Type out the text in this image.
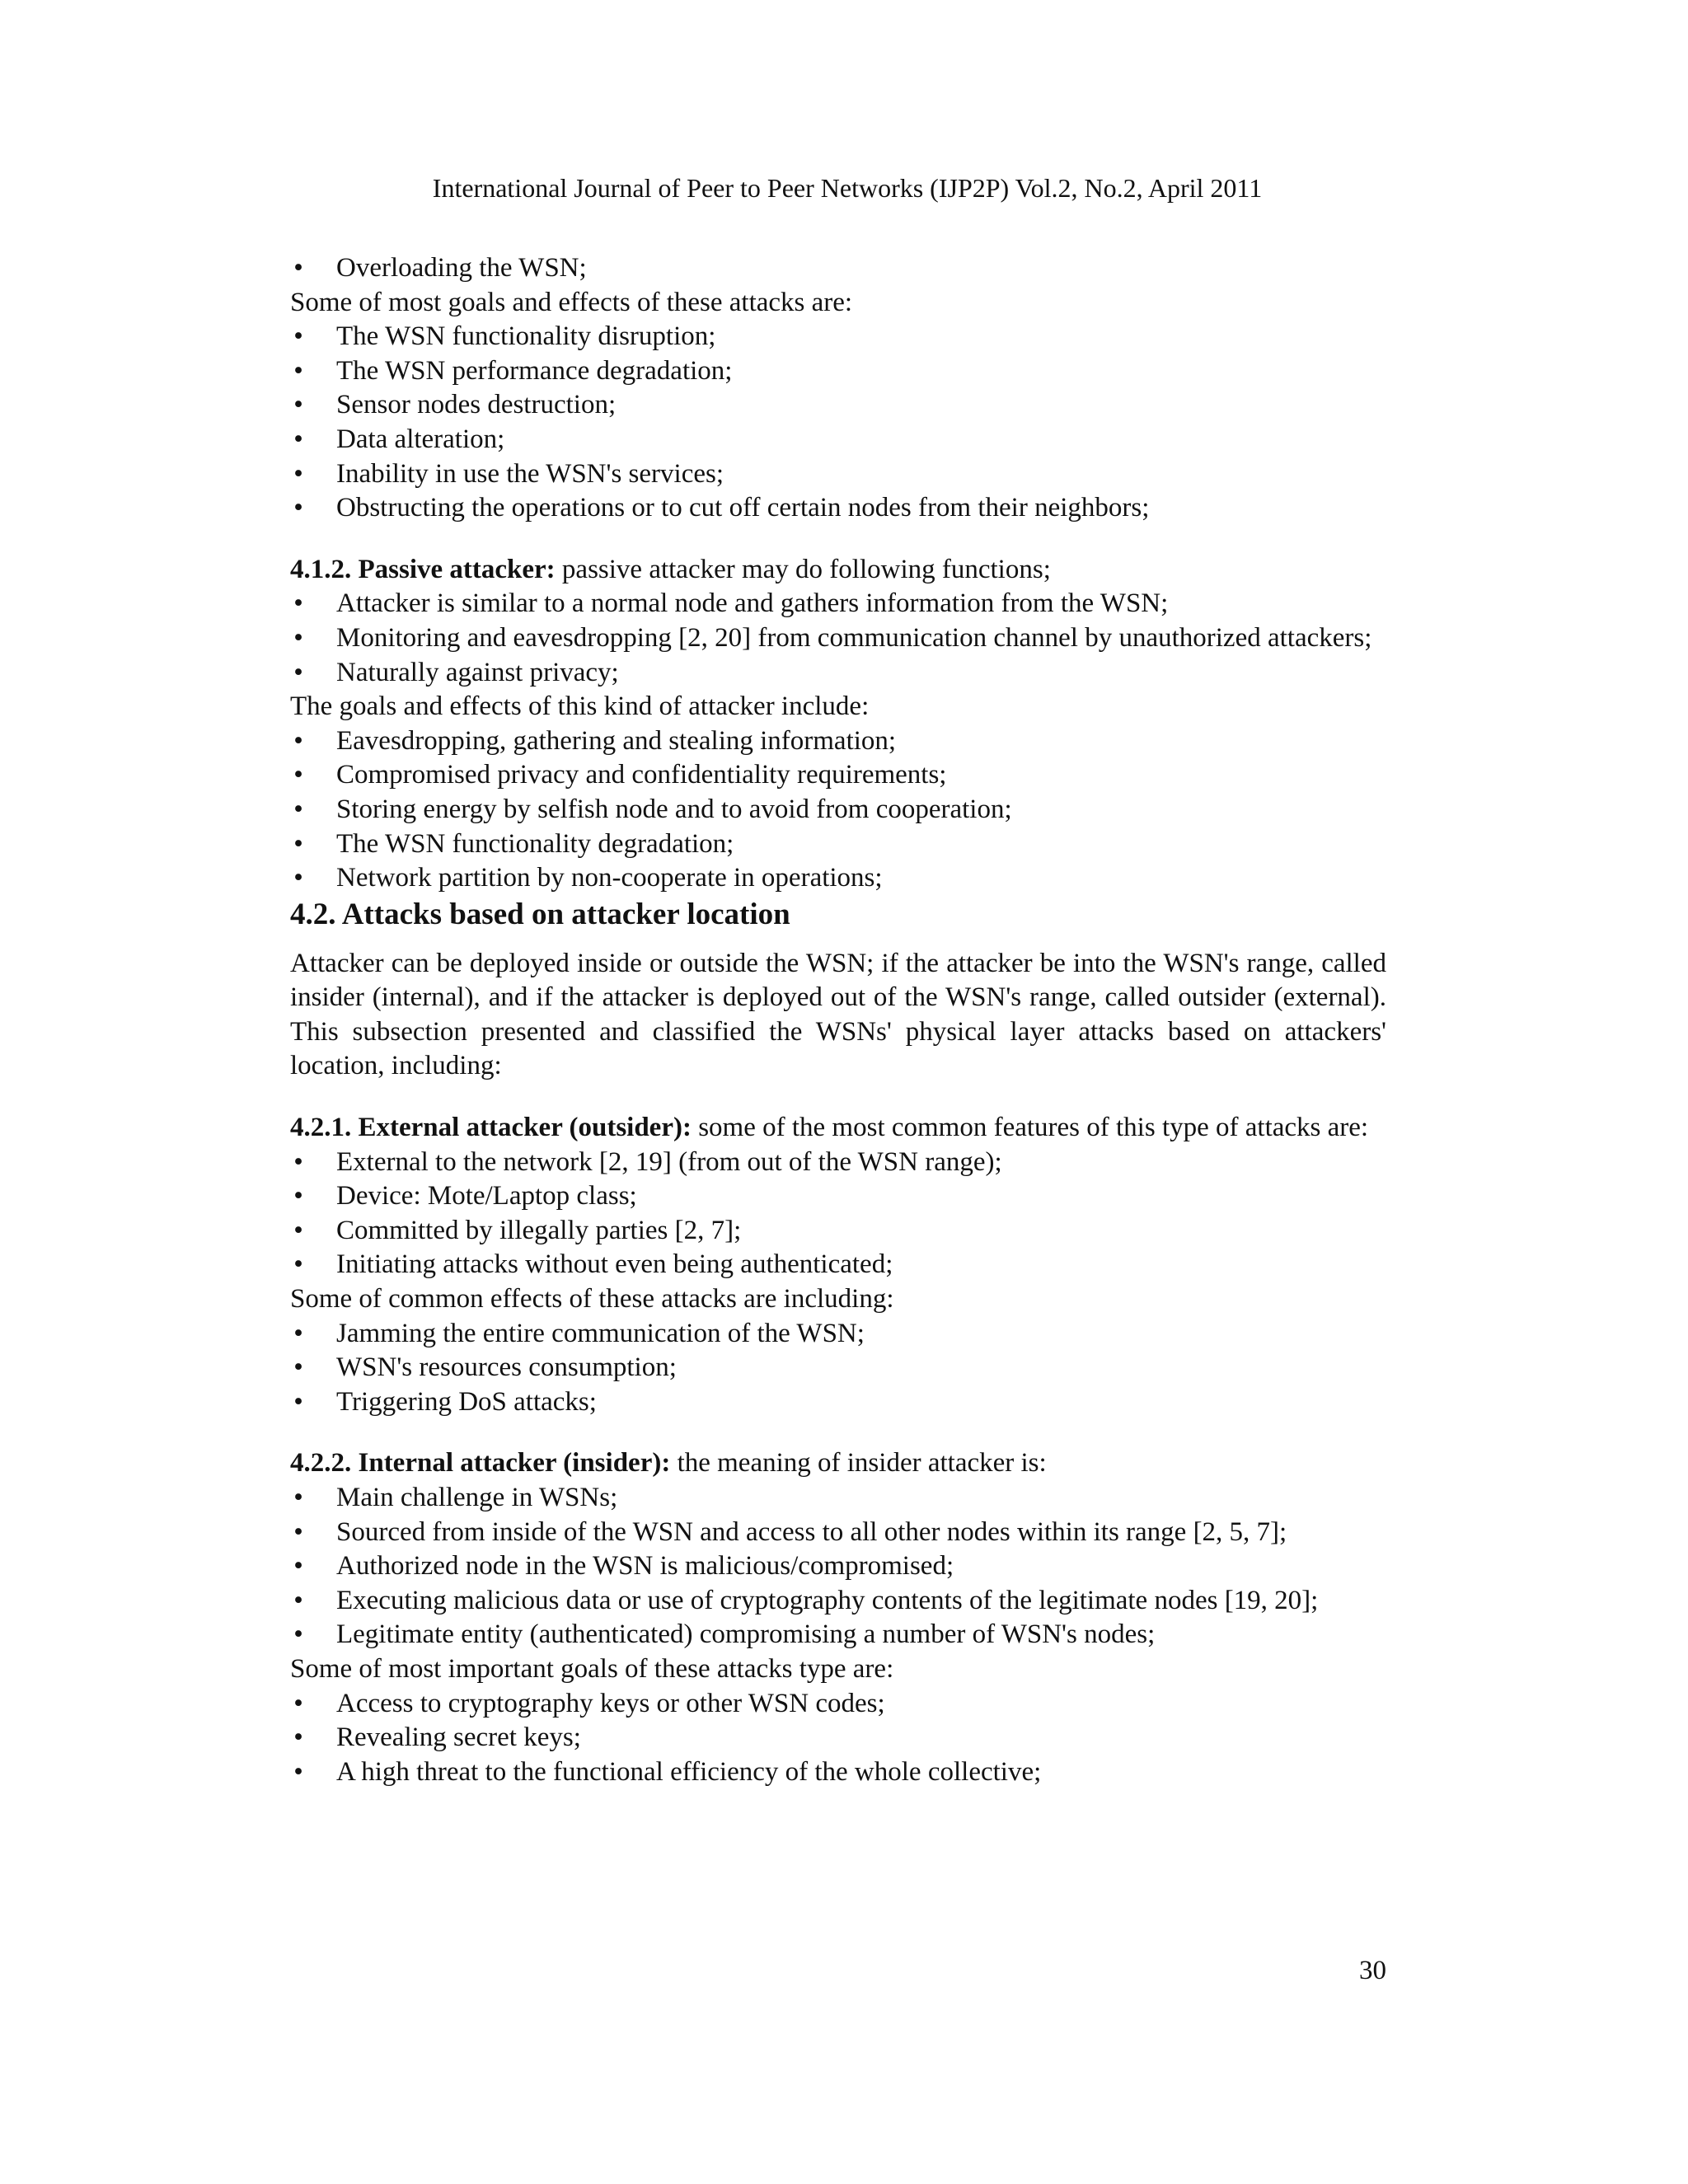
International Journal of Peer to Peer Networks (IJP2P) Vol.2, No.2, April 2011
• Overloading the WSN;

Some of most goals and effects of these attacks are:

• The WSN functionality disruption;
• The WSN performance degradation;
• Sensor nodes destruction;
• Data alteration;
• Inability in use the WSN's services;
• Obstructing the operations or to cut off certain nodes from their neighbors;

4.1.2. Passive attacker: passive attacker may do following functions;

• Attacker is similar to a normal node and gathers information from the WSN;
• Monitoring and eavesdropping [2, 20] from communication channel by unauthorized attackers;
• Naturally against privacy;

The goals and effects of this kind of attacker include:

• Eavesdropping, gathering and stealing information;
• Compromised privacy and confidentiality requirements;
• Storing energy by selfish node and to avoid from cooperation;
• The WSN functionality degradation;
• Network partition by non-cooperate in operations;
4.2. Attacks based on attacker location

Attacker can be deployed inside or outside the WSN; if the attacker be into the WSN's range, called insider (internal), and if the attacker is deployed out of the WSN's range, called outsider (external). This subsection presented and classified the WSNs' physical layer attacks based on attackers' location, including:

4.2.1. External attacker (outsider): some of the most common features of this type of attacks are:

• External to the network [2, 19] (from out of the WSN range);
• Device: Mote/Laptop class;
• Committed by illegally parties [2, 7];
• Initiating attacks without even being authenticated;

Some of common effects of these attacks are including:

• Jamming the entire communication of the WSN;
• WSN's resources consumption;
• Triggering DoS attacks;

4.2.2. Internal attacker (insider): the meaning of insider attacker is:

• Main challenge in WSNs;
• Sourced from inside of the WSN and access to all other nodes within its range [2, 5, 7];
• Authorized node in the WSN is malicious/compromised;
• Executing malicious data or use of cryptography contents of the legitimate nodes [19, 20];
• Legitimate entity (authenticated) compromising a number of WSN's nodes;

Some of most important goals of these attacks type are:

• Access to cryptography keys or other WSN codes;
• Revealing secret keys;
• A high threat to the functional efficiency of the whole collective;
30
